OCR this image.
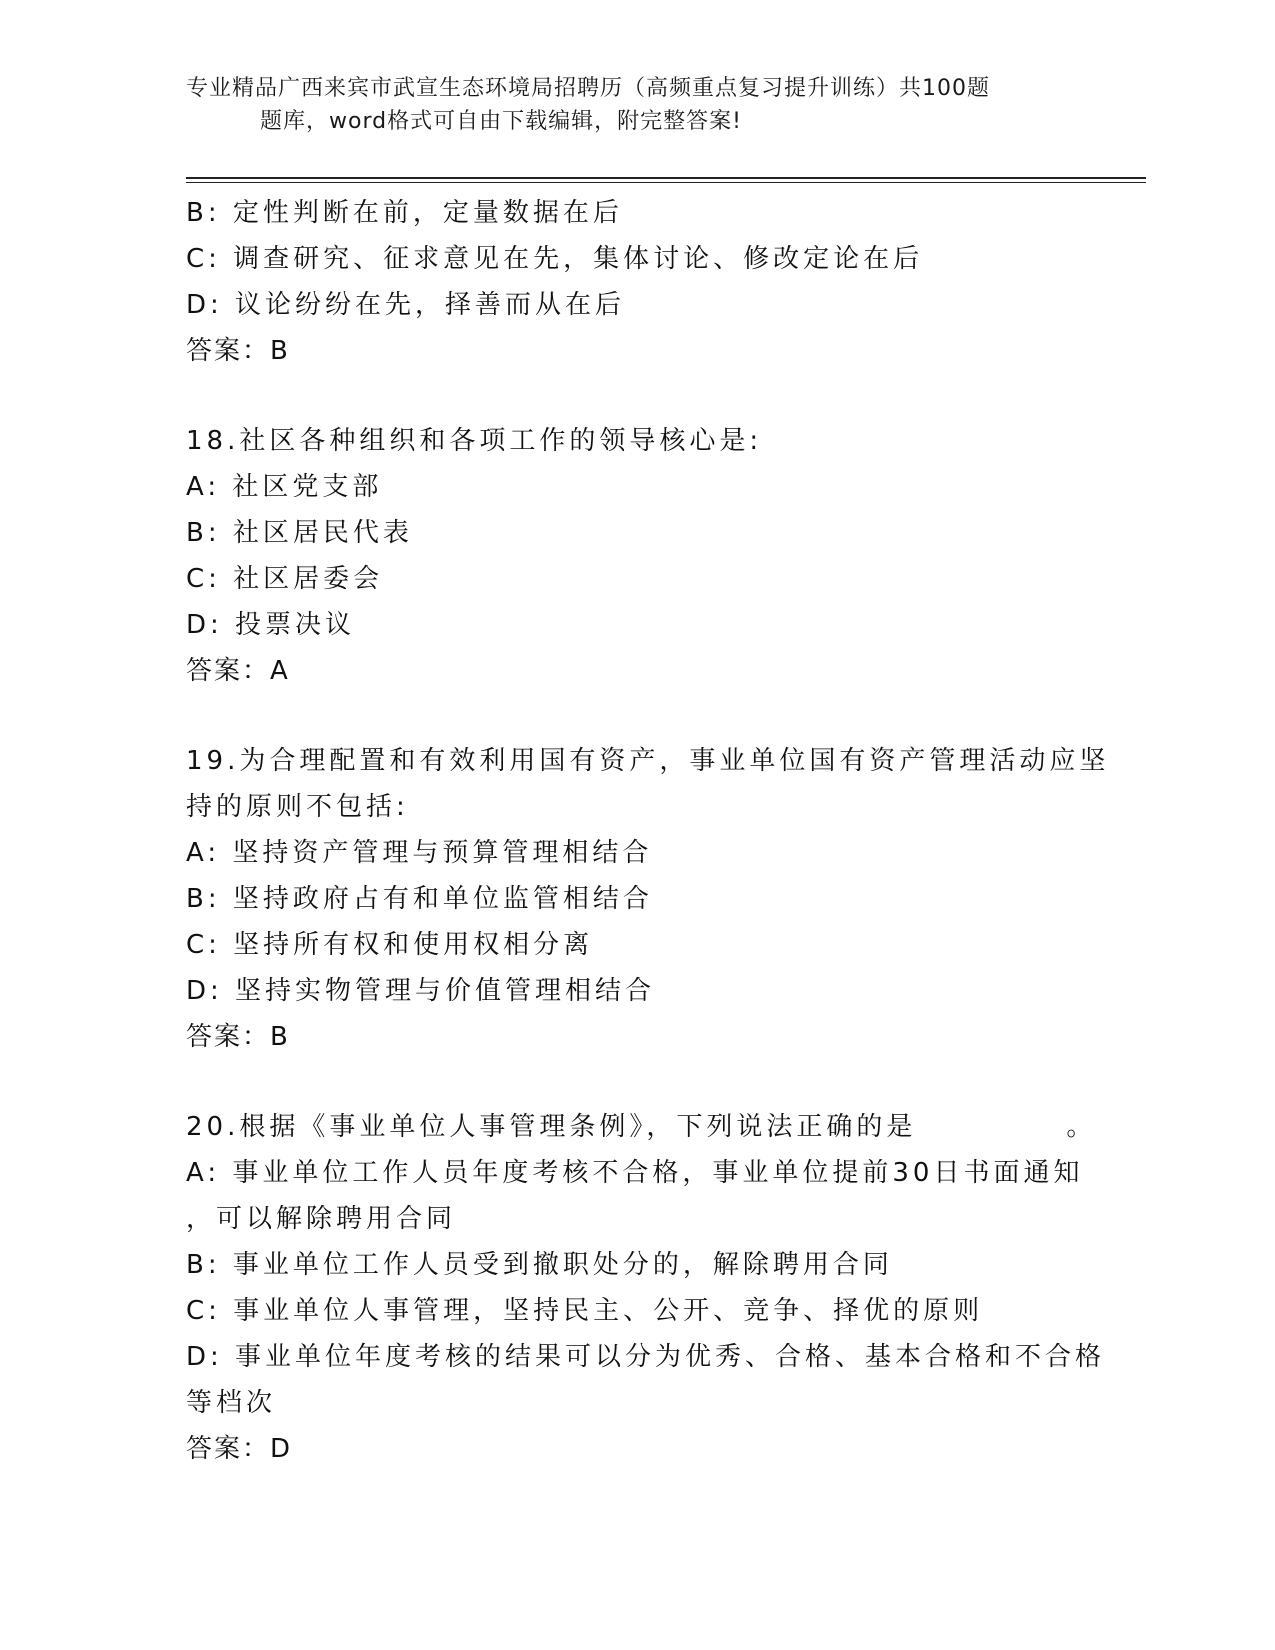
专业精品广西来宾市武宣生态环境局招聘历（高频重点复习提升训练）共100题
题库，word格式可自由下载编辑，附完整答案!
B: 定性判断在前，定量数据在后
C: 调查研究、征求意见在先，集体讨论、修改定论在后
D: 议论纷纷在先，择善而从在后
答案：B
18.社区各种组织和各项工作的领导核心是:
A: 社区党支部
B: 社区居民代表
C: 社区居委会
D: 投票决议
答案：A
19.为合理配置和有效利用国有资产，事业单位国有资产管理活动应坚
持的原则不包括:
A: 坚持资产管理与预算管理相结合
B: 坚持政府占有和单位监管相结合
C: 坚持所有权和使用权相分离
D: 坚持实物管理与价值管理相结合
答案：B
20.根据《事业单位人事管理条例》，下列说法正确的是	。
A: 事业单位工作人员年度考核不合格，事业单位提前30日书面通知
，可以解除聘用合同
B: 事业单位工作人员受到撤职处分的，解除聘用合同
C: 事业单位人事管理，坚持民主、公开、竞争、择优的原则
D: 事业单位年度考核的结果可以分为优秀、合格、基本合格和不合格
等档次
答案：D
